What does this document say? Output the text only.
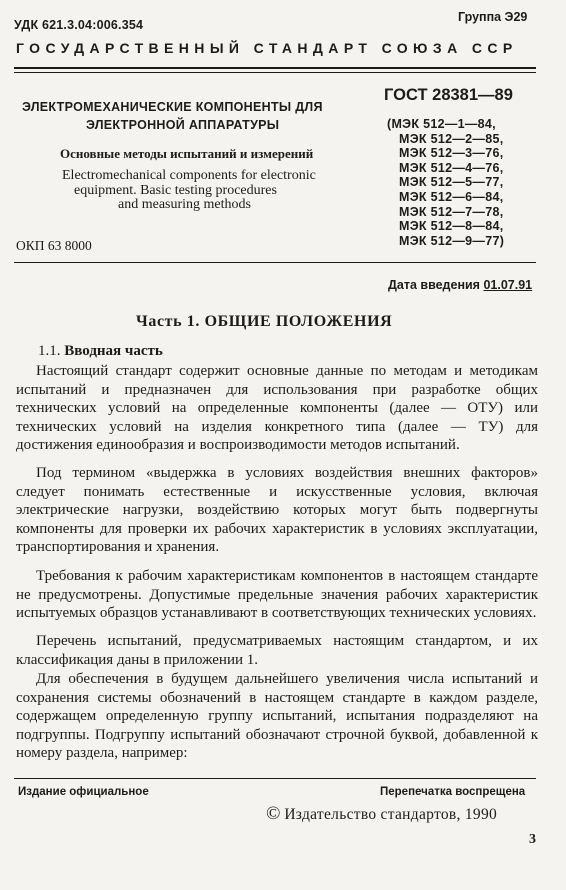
УДК 621.3.04:006.354
Группа Э29
ГОСУДАРСТВЕННЫЙ СТАНДАРТ СОЮЗА ССР
ЭЛЕКТРОМЕХАНИЧЕСКИЕ КОМПОНЕНТЫ ДЛЯ
ЭЛЕКТРОННОЙ АППАРАТУРЫ
Основные методы испытаний и измерений
Electromechanical components for electronic
equipment. Basic testing procedures
and measuring methods
ГОСТ 28381—89
(МЭК 512—1—84,
МЭК 512—2—85,
МЭК 512—3—76,
МЭК 512—4—76,
МЭК 512—5—77,
МЭК 512—6—84,
МЭК 512—7—78,
МЭК 512—8—84,
МЭК 512—9—77)
ОКП 63 8000
Дата введения 01.07.91
Часть 1. ОБЩИЕ ПОЛОЖЕНИЯ
1.1. Вводная часть
Настоящий стандарт содержит основные данные по методам и методикам испытаний и предназначен для использования при разработке общих технических условий на определенные компоненты (далее — ОТУ) или технических условий на изделия конкретного типа (далее — ТУ) для достижения единообразия и воспроизводимости методов испытаний.
Под термином «выдержка в условиях воздействия внешних факторов» следует понимать естественные и искусственные условия, включая электрические нагрузки, воздействию которых могут быть подвергнуты компоненты для проверки их рабочих характеристик в условиях эксплуатации, транспортирования и хранения.
Требования к рабочим характеристикам компонентов в настоящем стандарте не предусмотрены. Допустимые предельные значения рабочих характеристик испытуемых образцов устанавливают в соответствующих технических условиях.
Перечень испытаний, предусматриваемых настоящим стандартом, и их классификация даны в приложении 1.
Для обеспечения в будущем дальнейшего увеличения числа испытаний и сохранения системы обозначений в настоящем стандарте в каждом разделе, содержащем определенную группу испытаний, испытания подразделяют на подгруппы. Подгруппу испытаний обозначают строчной буквой, добавленной к номеру раздела, например:
Издание официальное	Перепечатка воспрещена
© Издательство стандартов, 1990
3
